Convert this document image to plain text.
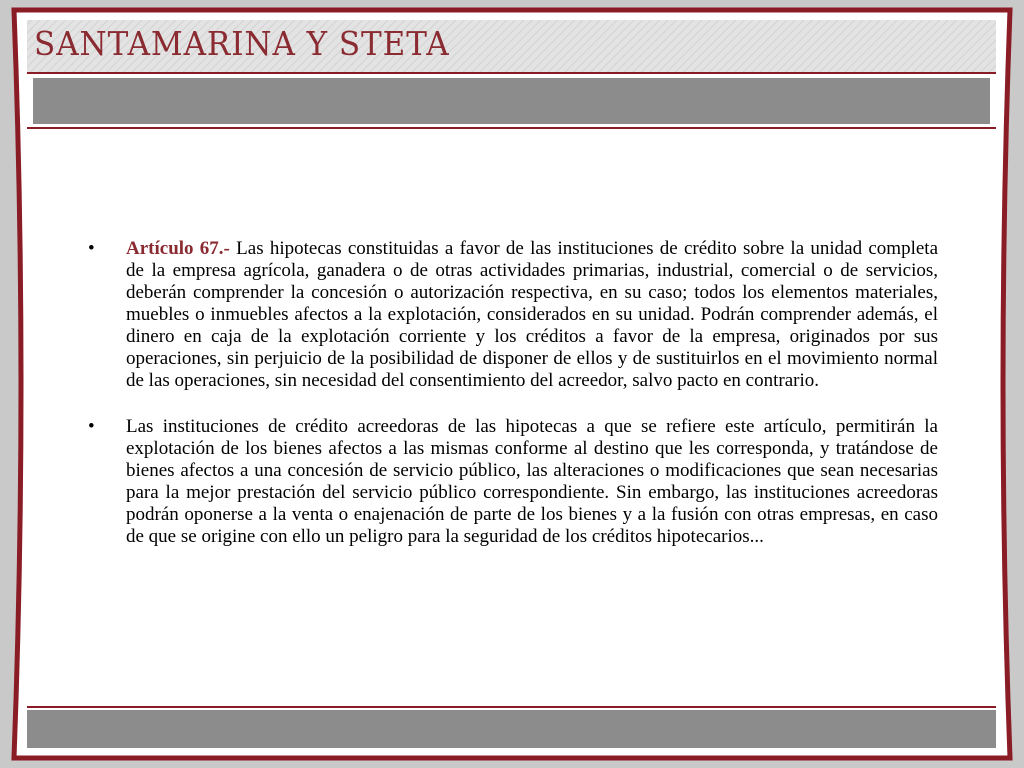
SANTAMARINA Y STETA
•	Artículo 67.- Las hipotecas constituidas a favor de las instituciones de crédito sobre la unidad completa de la empresa agrícola, ganadera o de otras actividades primarias, industrial, comercial o de servicios, deberán comprender la concesión o autorización respectiva, en su caso; todos los elementos materiales, muebles o inmuebles afectos a la explotación, considerados en su unidad. Podrán comprender además, el dinero en caja de la explotación corriente y los créditos a favor de la empresa, originados por sus operaciones, sin perjuicio de la posibilidad de disponer de ellos y de sustituirlos en el movimiento normal de las operaciones, sin necesidad del consentimiento del acreedor, salvo pacto en contrario.
•	Las instituciones de crédito acreedoras de las hipotecas a que se refiere este artículo, permitirán la explotación de los bienes afectos a las mismas conforme al destino que les corresponda, y tratándose de bienes afectos a una concesión de servicio público, las alteraciones o modificaciones que sean necesarias para la mejor prestación del servicio público correspondiente. Sin embargo, las instituciones acreedoras podrán oponerse a la venta o enajenación de parte de los bienes y a la fusión con otras empresas, en caso de que se origine con ello un peligro para la seguridad de los créditos hipotecarios...
